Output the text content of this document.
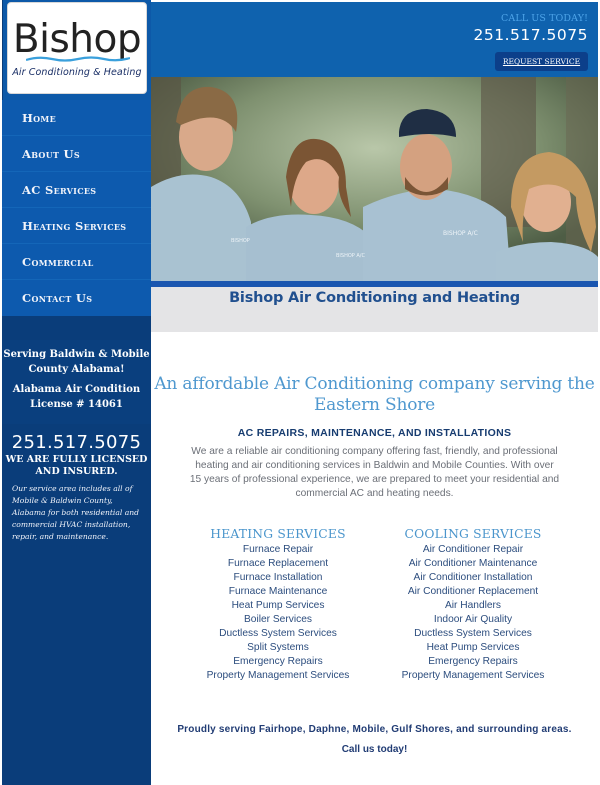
Bishop
Air Conditioning & Heating
CALL US TODAY!
251.517.5075
REQUEST SERVICE
Home
About Us
AC Services
Heating Services
Commercial
Contact Us

Serving Baldwin & Mobile County Alabama!

Alabama Air Condition License # 14061

251.517.5075
WE ARE FULLY LICENSED AND INSURED.
Our service area includes all of Mobile & Baldwin County, Alabama for both residential and commercial HVAC installation, repair, and maintenance.
BISHOP
BISHOP A/C
BISHOP A/C
Bishop Air Conditioning and Heating
An affordable Air Conditioning company serving the Eastern Shore
AC REPAIRS, MAINTENANCE, AND INSTALLATIONS

We are a reliable air conditioning company offering fast, friendly, and professional heating and air conditioning services in Baldwin and Mobile Counties. With over 15 years of professional experience, we are prepared to meet your residential and commercial AC and heating needs.

HEATING SERVICES
Furnace Repair
Furnace Replacement
Furnace Installation
Furnace Maintenance
Heat Pump Services
Boiler Services
Ductless System Services
Split Systems
Emergency Repairs
Property Management Services
COOLING SERVICES
Air Conditioner Repair
Air Conditioner Maintenance
Air Conditioner Installation
Air Conditioner Replacement
Air Handlers
Indoor Air Quality
Ductless System Services
Heat Pump Services
Emergency Repairs
Property Management Services
Proudly serving Fairhope, Daphne, Mobile, Gulf Shores, and surrounding areas.
Call us today!
